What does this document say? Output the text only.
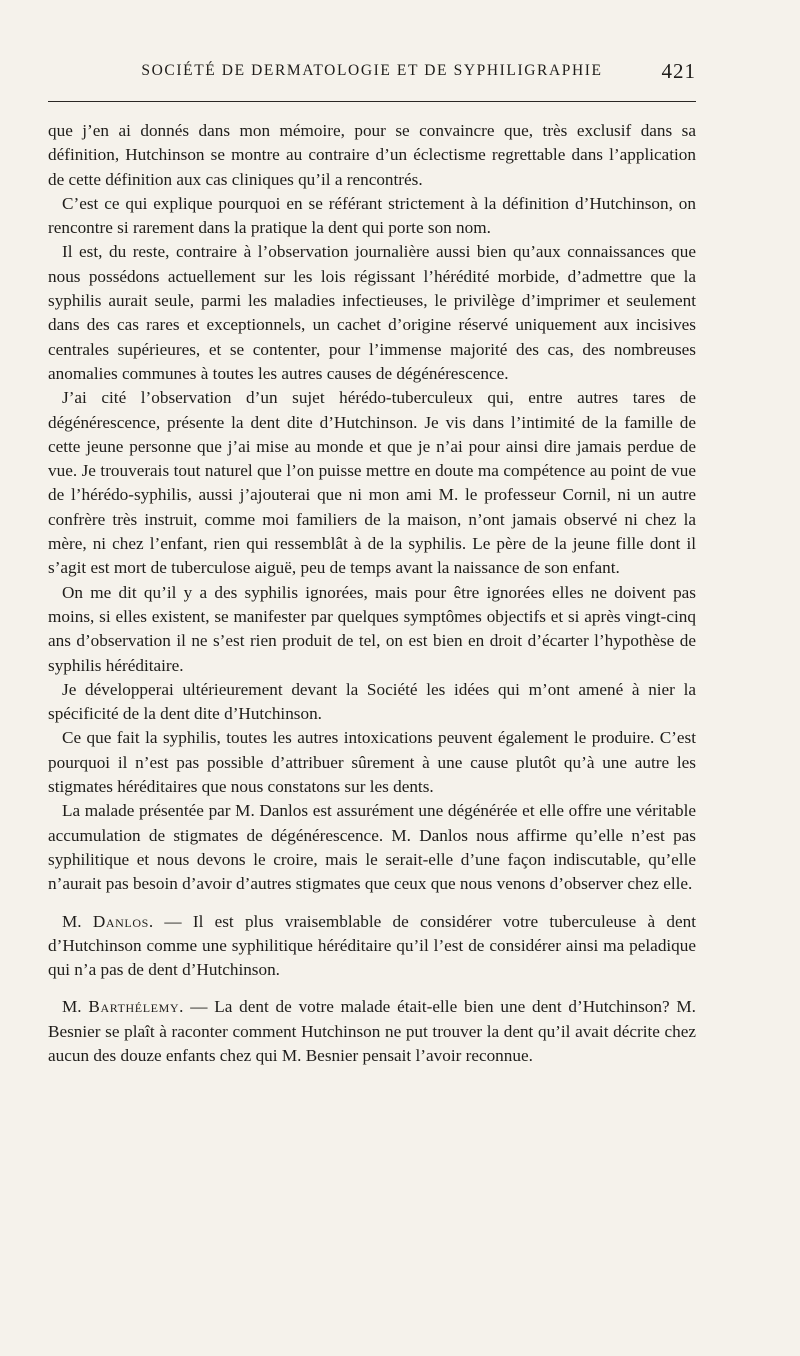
SOCIÉTÉ DE DERMATOLOGIE ET DE SYPHILIGRAPHIE	421

que j’en ai donnés dans mon mémoire, pour se convaincre que, très exclusif dans sa définition, Hutchinson se montre au contraire d’un éclectisme regrettable dans l’application de cette définition aux cas cliniques qu’il a rencontrés.

C’est ce qui explique pourquoi en se référant strictement à la définition d’Hutchinson, on rencontre si rarement dans la pratique la dent qui porte son nom.

Il est, du reste, contraire à l’observation journalière aussi bien qu’aux connaissances que nous possédons actuellement sur les lois régissant l’hérédité morbide, d’admettre que la syphilis aurait seule, parmi les maladies infectieuses, le privilège d’imprimer et seulement dans des cas rares et exceptionnels, un cachet d’origine réservé uniquement aux incisives centrales supérieures, et se contenter, pour l’immense majorité des cas, des nombreuses anomalies communes à toutes les autres causes de dégénérescence.

J’ai cité l’observation d’un sujet hérédo-tuberculeux qui, entre autres tares de dégénérescence, présente la dent dite d’Hutchinson. Je vis dans l’intimité de la famille de cette jeune personne que j’ai mise au monde et que je n’ai pour ainsi dire jamais perdue de vue. Je trouverais tout naturel que l’on puisse mettre en doute ma compétence au point de vue de l’hérédo-syphilis, aussi j’ajouterai que ni mon ami M. le professeur Cornil, ni un autre confrère très instruit, comme moi familiers de la maison, n’ont jamais observé ni chez la mère, ni chez l’enfant, rien qui ressemblât à de la syphilis. Le père de la jeune fille dont il s’agit est mort de tuberculose aiguë, peu de temps avant la naissance de son enfant.

On me dit qu’il y a des syphilis ignorées, mais pour être ignorées elles ne doivent pas moins, si elles existent, se manifester par quelques symptômes objectifs et si après vingt-cinq ans d’observation il ne s’est rien produit de tel, on est bien en droit d’écarter l’hypothèse de syphilis héréditaire.

Je développerai ultérieurement devant la Société les idées qui m’ont amené à nier la spécificité de la dent dite d’Hutchinson.

Ce que fait la syphilis, toutes les autres intoxications peuvent également le produire. C’est pourquoi il n’est pas possible d’attribuer sûrement à une cause plutôt qu’à une autre les stigmates héréditaires que nous constatons sur les dents.

La malade présentée par M. Danlos est assurément une dégénérée et elle offre une véritable accumulation de stigmates de dégénérescence. M. Danlos nous affirme qu’elle n’est pas syphilitique et nous devons le croire, mais le serait-elle d’une façon indiscutable, qu’elle n’aurait pas besoin d’avoir d’autres stigmates que ceux que nous venons d’observer chez elle.

M. Danlos. — Il est plus vraisemblable de considérer votre tuberculeuse à dent d’Hutchinson comme une syphilitique héréditaire qu’il l’est de considérer ainsi ma peladique qui n’a pas de dent d’Hutchinson.

M. Barthélemy. — La dent de votre malade était-elle bien une dent d’Hutchinson? M. Besnier se plaît à raconter comment Hutchinson ne put trouver la dent qu’il avait décrite chez aucun des douze enfants chez qui M. Besnier pensait l’avoir reconnue.
